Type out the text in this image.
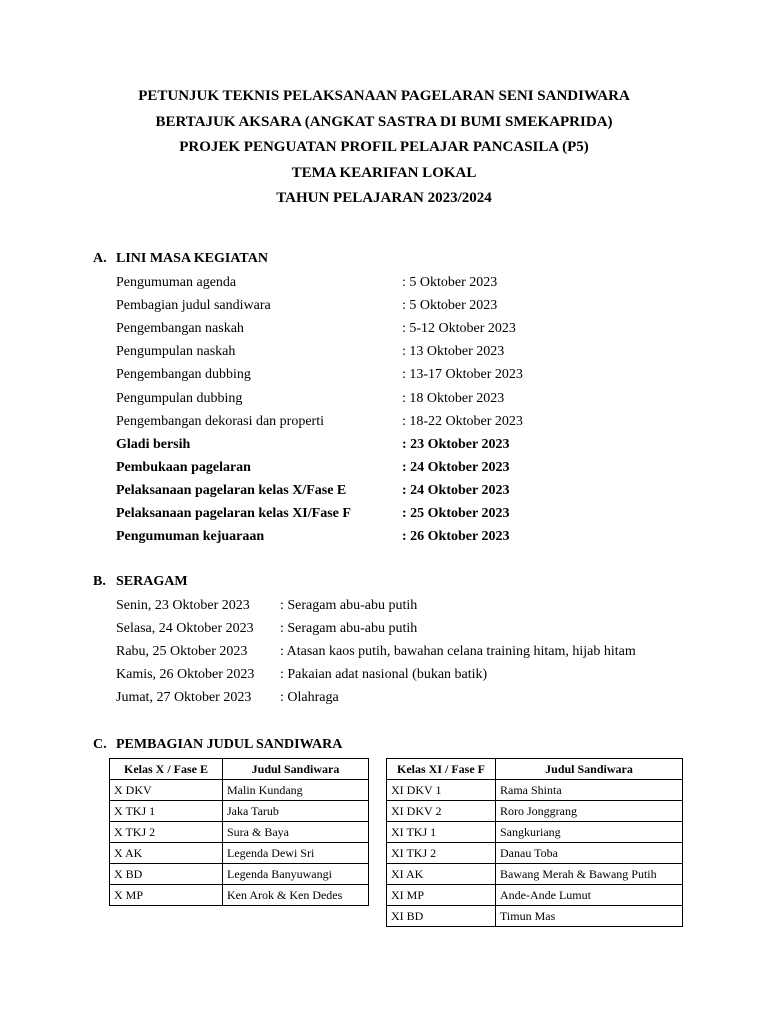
PETUNJUK TEKNIS PELAKSANAAN PAGELARAN SENI SANDIWARA
BERTAJUK AKSARA (ANGKAT SASTRA DI BUMI SMEKAPRIDA)
PROJEK PENGUATAN PROFIL PELAJAR PANCASILA (P5)
TEMA KEARIFAN LOKAL
TAHUN PELAJARAN 2023/2024
A. LINI MASA KEGIATAN
Pengumuman agenda	: 5 Oktober 2023
Pembagian judul sandiwara	: 5 Oktober 2023
Pengembangan naskah	: 5-12 Oktober 2023
Pengumpulan naskah	: 13 Oktober 2023
Pengembangan dubbing	: 13-17 Oktober 2023
Pengumpulan dubbing	: 18 Oktober 2023
Pengembangan dekorasi dan properti	: 18-22 Oktober 2023
Gladi bersih	: 23 Oktober 2023
Pembukaan pagelaran	: 24 Oktober 2023
Pelaksanaan pagelaran kelas X/Fase E	: 24 Oktober 2023
Pelaksanaan pagelaran kelas XI/Fase F	: 25 Oktober 2023
Pengumuman kejuaraan	: 26 Oktober 2023
B. SERAGAM
Senin, 23 Oktober 2023 : Seragam abu-abu putih
Selasa, 24 Oktober 2023 : Seragam abu-abu putih
Rabu, 25 Oktober 2023 : Atasan kaos putih, bawahan celana training hitam, hijab hitam
Kamis, 26 Oktober 2023 : Pakaian adat nasional (bukan batik)
Jumat, 27 Oktober 2023 : Olahraga
C. PEMBAGIAN JUDUL SANDIWARA
Kelas X / Fase E	Judul Sandiwara
X DKV	Malin Kundang
X TKJ 1	Jaka Tarub
X TKJ 2	Sura & Baya
X AK	Legenda Dewi Sri
X BD	Legenda Banyuwangi
X MP	Ken Arok & Ken Dedes
Kelas XI / Fase F	Judul Sandiwara
XI DKV 1	Rama Shinta
XI DKV 2	Roro Jonggrang
XI TKJ 1	Sangkuriang
XI TKJ 2	Danau Toba
XI AK	Bawang Merah & Bawang Putih
XI MP	Ande-Ande Lumut
XI BD	Timun Mas
